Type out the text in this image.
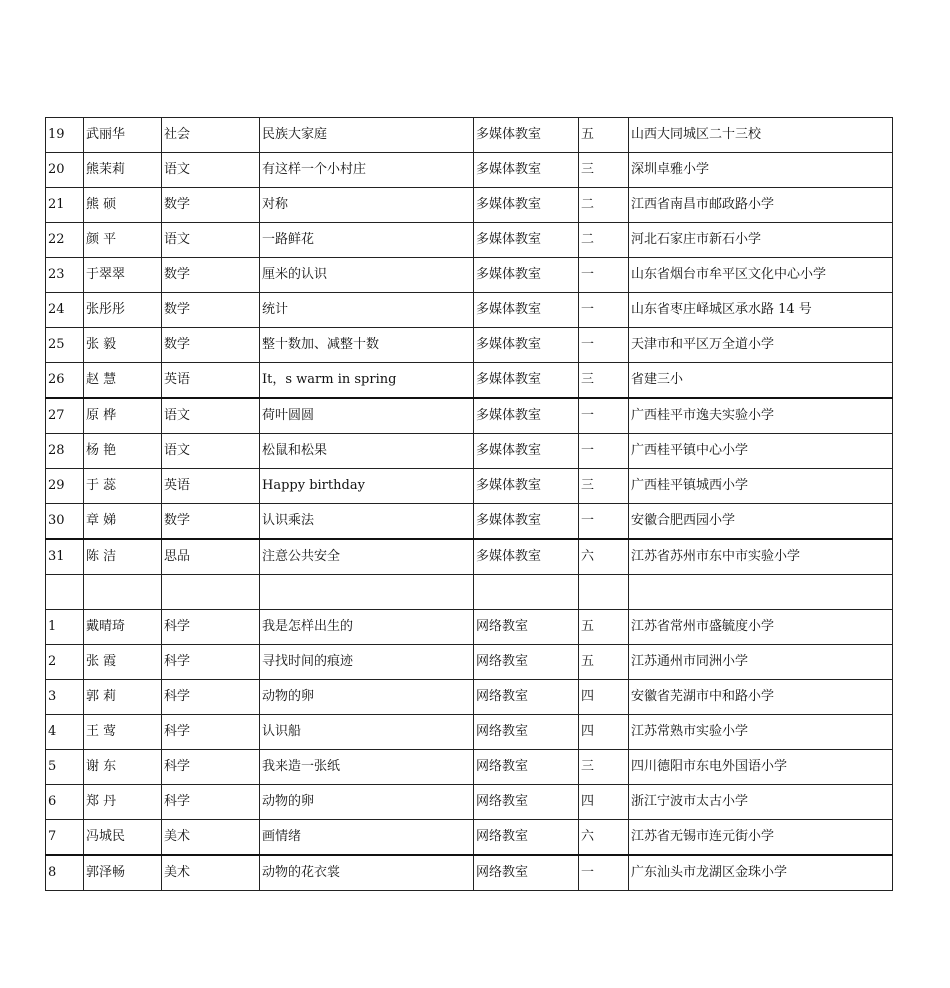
19	武丽华	社会	民族大家庭	多媒体教室	五	山西大同城区二十三校
20	熊茉莉	语文	有这样一个小村庄	多媒体教室	三	深圳卓雅小学
21	熊 硕	数学	对称	多媒体教室	二	江西省南昌市邮政路小学
22	颜 平	语文	一路鲜花	多媒体教室	二	河北石家庄市新石小学
23	于翠翠	数学	厘米的认识	多媒体教室	一	山东省烟台市牟平区文化中心小学
24	张彤彤	数学	统计	多媒体教室	一	山东省枣庄峄城区承水路 14 号
25	张 毅	数学	整十数加、减整十数	多媒体教室	一	天津市和平区万全道小学
26	赵 慧	英语	It，s warm in spring	多媒体教室	三	省建三小
27	原 桦	语文	荷叶圆圆	多媒体教室	一	广西桂平市逸夫实验小学
28	杨 艳	语文	松鼠和松果	多媒体教室	一	广西桂平镇中心小学
29	于 蕊	英语	Happy birthday	多媒体教室	三	广西桂平镇城西小学
30	章 娣	数学	认识乘法	多媒体教室	一	安徽合肥西园小学
31	陈 洁	思品	注意公共安全	多媒体教室	六	江苏省苏州市东中市实验小学

1	戴晴琦	科学	我是怎样出生的	网络教室	五	江苏省常州市盛毓度小学
2	张 霞	科学	寻找时间的痕迹	网络教室	五	江苏通州市同洲小学
3	郭 莉	科学	动物的卵	网络教室	四	安徽省芜湖市中和路小学
4	王 莺	科学	认识船	网络教室	四	江苏常熟市实验小学
5	谢 东	科学	我来造一张纸	网络教室	三	四川德阳市东电外国语小学
6	郑 丹	科学	动物的卵	网络教室	四	浙江宁波市太古小学
7	冯城民	美术	画情绪	网络教室	六	江苏省无锡市连元街小学
8	郭泽畅	美术	动物的花衣裳	网络教室	一	广东汕头市龙湖区金珠小学
